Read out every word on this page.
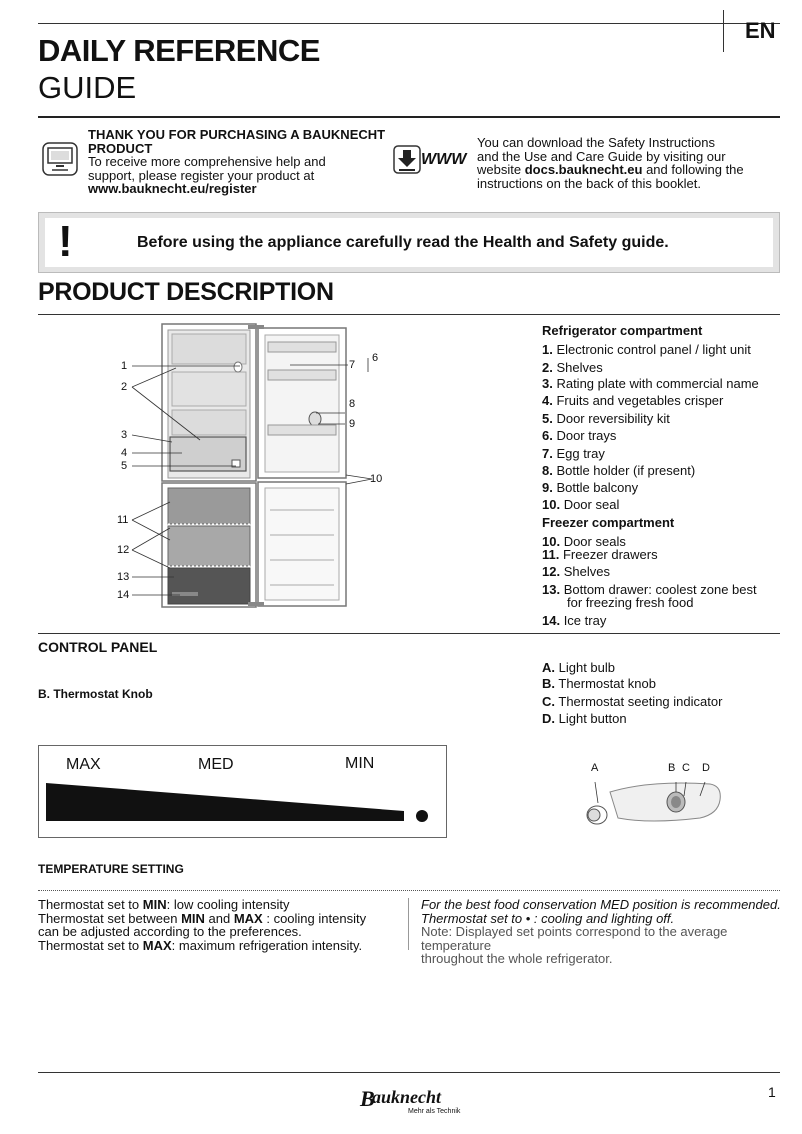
EN
DAILY REFERENCE
GUIDE
THANK YOU FOR PURCHASING A BAUKNECHT
PRODUCT
To receive more comprehensive help and
support, please register your product at
www.bauknecht.eu/register
WWW
You can download the Safety Instructions
and the Use and Care Guide by visiting our
website docs.bauknecht.eu and following the
instructions on the back of this booklet.
!	Before using the appliance carefully read the Health and Safety guide.
PRODUCT DESCRIPTION
1
2
3
4
5
6
7
8
9
10
11
12
13
14
Refrigerator compartment
1. Electronic control panel / light unit
2. Shelves
3. Rating plate with commercial name
4. Fruits and vegetables crisper
5. Door reversibility kit
6. Door trays
7. Egg tray
8. Bottle holder (if present)
9. Bottle balcony
10. Door seal
Freezer compartment
10. Door seals
11. Freezer drawers
12. Shelves
13. Bottom drawer: coolest zone best
14. Ice tray
for freezing fresh food
CONTROL PANEL
B. Thermostat Knob
A. Light bulb
B. Thermostat knob
C. Thermostat seeting indicator
D. Light button
MAX	MED	MIN	A	B C D
TEMPERATURE SETTING
Thermostat set to MIN: low cooling intensity
Thermostat set between MIN and MAX : cooling intensity
can be adjusted according to the preferences.
Thermostat set to MAX: maximum refrigeration intensity.
For the best food conservation MED position is recommended.
Thermostat set to • : cooling and lighting off.
Note: Displayed set points correspond to the average temperature
throughout the whole refrigerator.
1
B
auknecht
Mehr als Technik
